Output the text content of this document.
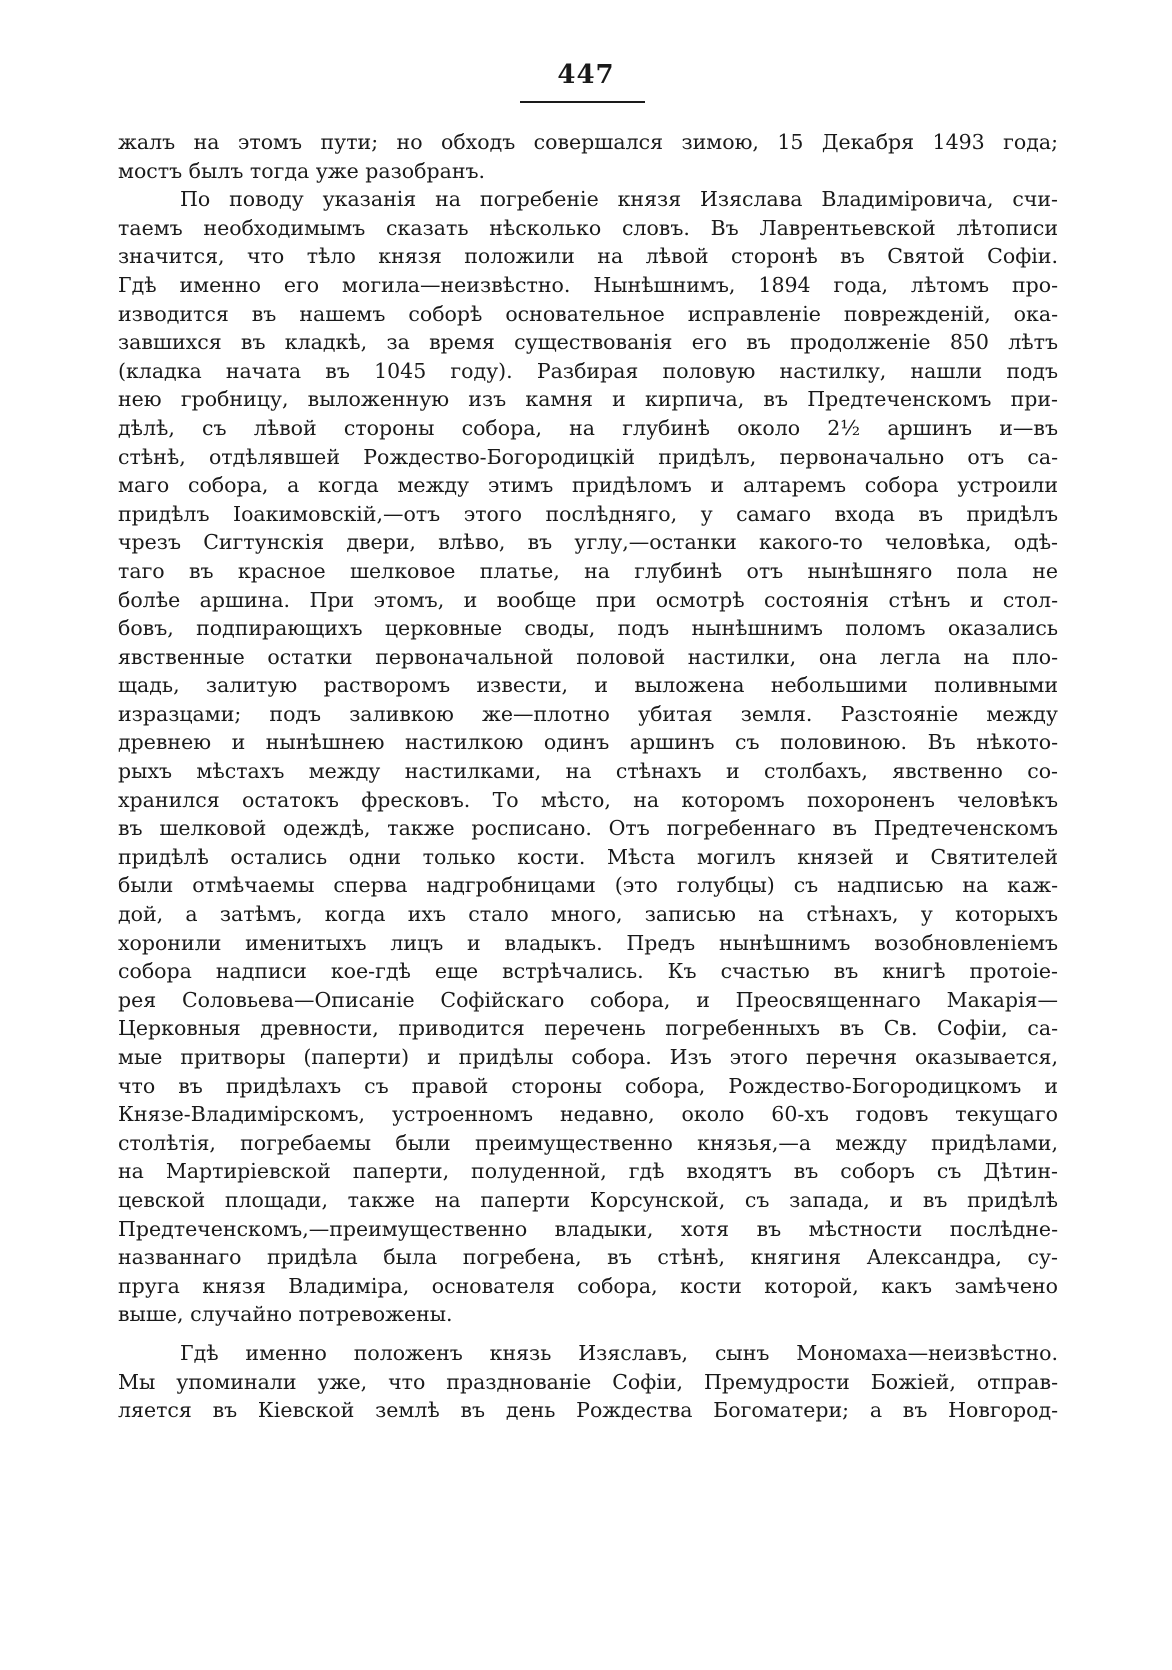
447
жалъ на этомъ пути; но обходъ совершался зимою, 15 Декабря 1493 года;
мостъ былъ тогда уже разобранъ.
По поводу указанія на погребеніе князя Изяслава Владиміровича, счи-
таемъ необходимымъ сказать нѣсколько словъ. Въ Лаврентьевской лѣтописи
значится, что тѣло князя положили на лѣвой сторонѣ въ Святой Софіи.
Гдѣ именно его могила—неизвѣстно. Нынѣшнимъ, 1894 года, лѣтомъ про-
изводится въ нашемъ соборѣ основательное исправленіе поврежденій, ока-
завшихся въ кладкѣ, за время существованія его въ продолженіе 850 лѣтъ
(кладка начата въ 1045 году). Разбирая половую настилку, нашли подъ
нею гробницу, выложенную изъ камня и кирпича, въ Предтеченскомъ при-
дѣлѣ, съ лѣвой стороны собора, на глубинѣ около 2½ аршинъ и—въ
стѣнѣ, отдѣлявшей Рождество-Богородицкій придѣлъ, первоначально отъ са-
маго собора, а когда между этимъ придѣломъ и алтаремъ собора устроили
придѣлъ Іоакимовскій,—отъ этого послѣдняго, у самаго входа въ придѣлъ
чрезъ Сигтунскія двери, влѣво, въ углу,—останки какого-то человѣка, одѣ-
таго въ красное шелковое платье, на глубинѣ отъ нынѣшняго пола не
болѣе аршина. При этомъ, и вообще при осмотрѣ состоянія стѣнъ и стол-
бовъ, подпирающихъ церковные своды, подъ нынѣшнимъ поломъ оказались
явственные остатки первоначальной половой настилки, она легла на пло-
щадь, залитую растворомъ извести, и выложена небольшими поливными
изразцами; подъ заливкою же—плотно убитая земля. Разстояніе между
древнею и нынѣшнею настилкою одинъ аршинъ съ половиною. Въ нѣкото-
рыхъ мѣстахъ между настилками, на стѣнахъ и столбахъ, явственно со-
хранился остатокъ фресковъ. То мѣсто, на которомъ похороненъ человѣкъ
въ шелковой одеждѣ, также росписано. Отъ погребеннаго въ Предтеченскомъ
придѣлѣ остались одни только кости. Мѣста могилъ князей и Святителей
были отмѣчаемы сперва надгробницами (это голубцы) съ надписью на каж-
дой, а затѣмъ, когда ихъ стало много, записью на стѣнахъ, у которыхъ
хоронили именитыхъ лицъ и владыкъ. Предъ нынѣшнимъ возобновленіемъ
собора надписи кое-гдѣ еще встрѣчались. Къ счастью въ книгѣ протоіе-
рея Соловьева—Описаніе Софійскаго собора, и Преосвященнаго Макарія—
Церковныя древности, приводится перечень погребенныхъ въ Св. Софіи, са-
мые притворы (паперти) и придѣлы собора. Изъ этого перечня оказывается,
что въ придѣлахъ съ правой стороны собора, Рождество-Богородицкомъ и
Князе-Владимірскомъ, устроенномъ недавно, около 60-хъ годовъ текущаго
столѣтія, погребаемы были преимущественно князья,—а между придѣлами,
на Мартиріевской паперти, полуденной, гдѣ входятъ въ соборъ съ Дѣтин-
цевской площади, также на паперти Корсунской, съ запада, и въ придѣлѣ
Предтеченскомъ,—преимущественно владыки, хотя въ мѣстности послѣдне-
названнаго придѣла была погребена, въ стѣнѣ, княгиня Александра, су-
пруга князя Владиміра, основателя собора, кости которой, какъ замѣчено
выше, случайно потревожены.
Гдѣ именно положенъ князь Изяславъ, сынъ Мономаха—неизвѣстно.
Мы упоминали уже, что празднованіе Софіи, Премудрости Божіей, отправ-
ляется въ Кіевской землѣ въ день Рождества Богоматери; а въ Новгород-
